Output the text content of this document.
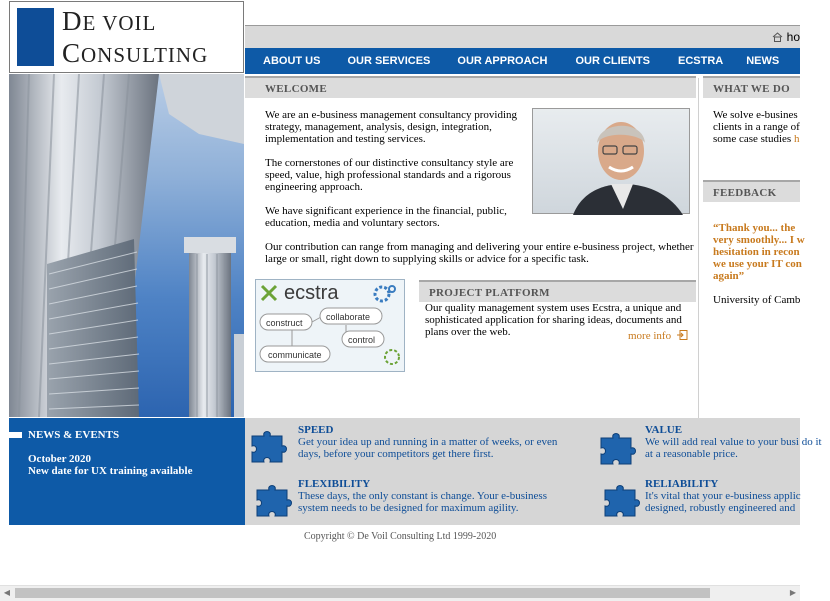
DE VOIL
CONSULTING
ho
ABOUT US OUR SERVICES OUR APPROACH	OUR CLIENTS	ECSTRA NEWS
WELCOME
We are an e-business management consultancy providing strategy, management, analysis, design, integration, implementation and testing services.
The cornerstones of our distinctive consultancy style are speed, value, high professional standards and a rigorous engineering approach.
We have significant experience in the financial, public, education, media and voluntary sectors.
Our contribution can range from managing and delivering your entire e-business project, whether large or small, right down to supplying skills or advice for a specific task.
ecstra
construct
collaborate
control
communicate
PROJECT PLATFORM
Our quality management system uses Ecstra, a unique and sophisticated application for sharing ideas, documents and plans over the web.	more info
WHAT WE DO
We solve e-busines
clients in a range of
some case studies h
FEEDBACK
“Thank you... the
very smoothly... I w
hesitation in recon
we use your IT con
again”
University of Camb
NEWS & EVENTS
October 2020
New date for UX training available
SPEED
Get your idea up and running in a matter of weeks, or even days, before your competitors get there first.
VALUE
We will add real value to your busi do it at a reasonable price.
FLEXIBILITY
These days, the only constant is change. Your e-business system needs to be designed for maximum agility.
RELIABILITY
It's vital that your e-business applic designed, robustly engineered and
Copyright © De Voil Consulting Ltd 1999-2020
◀	▶
